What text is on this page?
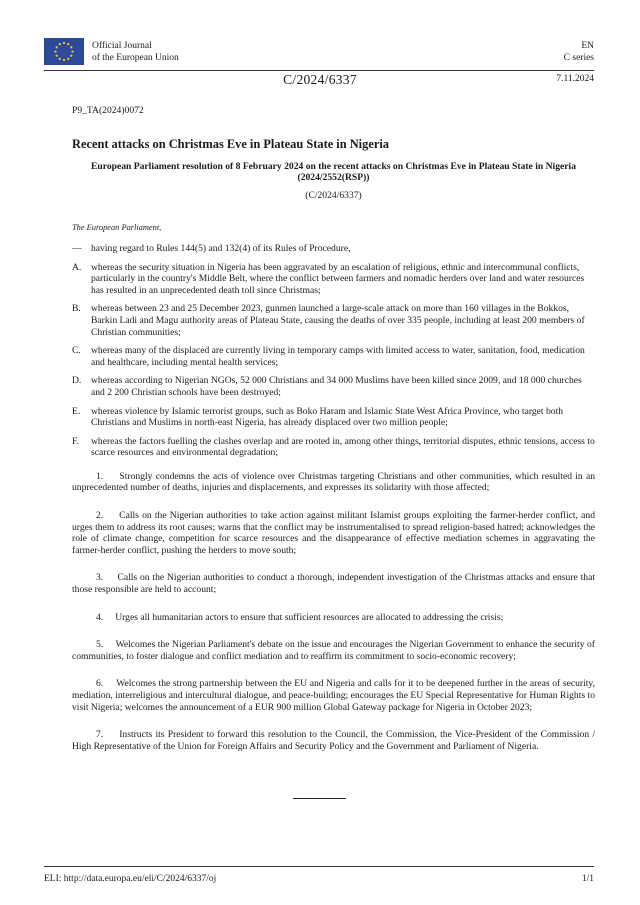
Official Journal
of the European Union
EN
C series
C/2024/6337	7.11.2024

P9_TA(2024)0072

Recent attacks on Christmas Eve in Plateau State in Nigeria

European Parliament resolution of 8 February 2024 on the recent attacks on Christmas Eve in Plateau State in Nigeria (2024/2552(RSP))

(C/2024/6337)

The European Parliament,

— having regard to Rules 144(5) and 132(4) of its Rules of Procedure,
A.	whereas the security situation in Nigeria has been aggravated by an escalation of religious, ethnic and intercommunal conflicts, particularly in the country's Middle Belt, where the conflict between farmers and nomadic herders over land and water resources has resulted in an unprecedented death toll since Christmas;
B.	whereas between 23 and 25 December 2023, gunmen launched a large-scale attack on more than 160 villages in the Bokkos, Barkin Ladi and Magu authority areas of Plateau State, causing the deaths of over 335 people, including at least 200 members of Christian communities;
C.	whereas many of the displaced are currently living in temporary camps with limited access to water, sanitation, food, medication and healthcare, including mental health services;
D.	whereas according to Nigerian NGOs, 52 000 Christians and 34 000 Muslims have been killed since 2009, and 18 000 churches and 2 200 Christian schools have been destroyed;
E.	whereas violence by Islamic terrorist groups, such as Boko Haram and Islamic State West Africa Province, who target both Christians and Muslims in north-east Nigeria, has already displaced over two million people;
F.	whereas the factors fuelling the clashes overlap and are rooted in, among other things, territorial disputes, ethnic tensions, access to scarce resources and environmental degradation;

1. Strongly condemns the acts of violence over Christmas targeting Christians and other communities, which resulted in an unprecedented number of deaths, injuries and displacements, and expresses its solidarity with those affected;

2. Calls on the Nigerian authorities to take action against militant Islamist groups exploiting the farmer-herder conflict, and urges them to address its root causes; warns that the conflict may be instrumentalised to spread religion-based hatred; acknowledges the role of climate change, competition for scarce resources and the disappearance of effective mediation schemes in aggravating the farmer-herder conflict, pushing the herders to move south;

3. Calls on the Nigerian authorities to conduct a thorough, independent investigation of the Christmas attacks and ensure that those responsible are held to account;

4. Urges all humanitarian actors to ensure that sufficient resources are allocated to addressing the crisis;

5. Welcomes the Nigerian Parliament's debate on the issue and encourages the Nigerian Government to enhance the security of communities, to foster dialogue and conflict mediation and to reaffirm its commitment to socio-economic recovery;

6. Welcomes the strong partnership between the EU and Nigeria and calls for it to be deepened further in the areas of security, mediation, interreligious and intercultural dialogue, and peace-building; encourages the EU Special Representative for Human Rights to visit Nigeria; welcomes the announcement of a EUR 900 million Global Gateway package for Nigeria in October 2023;

7. Instructs its President to forward this resolution to the Council, the Commission, the Vice-President of the Commission / High Representative of the Union for Foreign Affairs and Security Policy and the Government and Parliament of Nigeria.

ELI: http://data.europa.eu/eli/C/2024/6337/oj	1/1
